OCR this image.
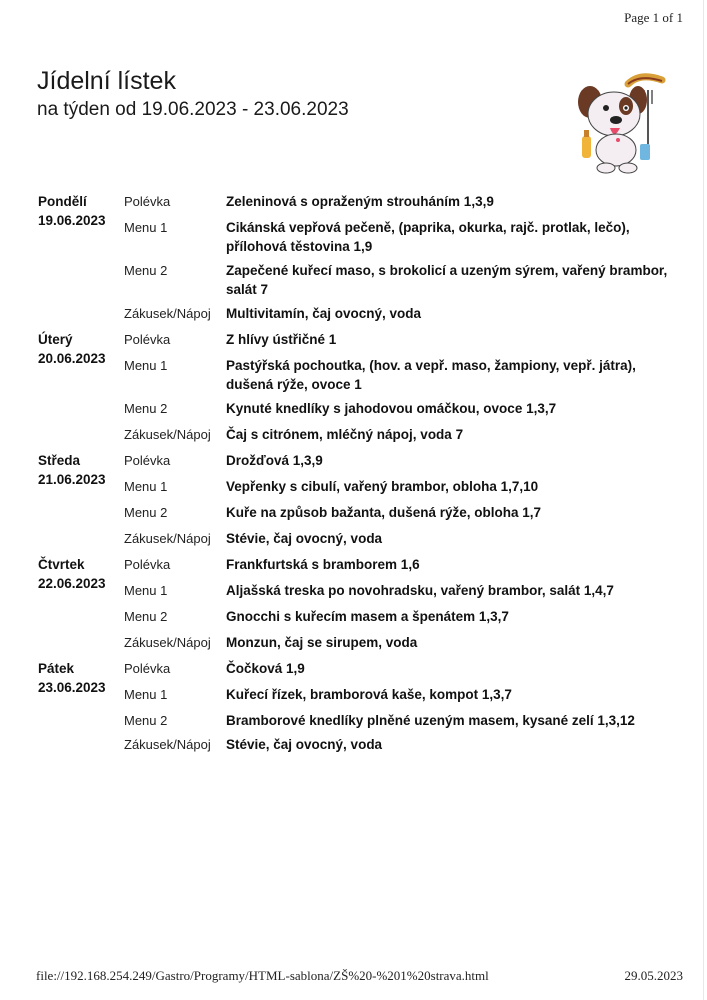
Page 1 of 1
Jídelní lístek
na týden od 19.06.2023 - 23.06.2023
Pondělí
19.06.2023
Polévka	Zeleninová s opraženým strouháním 1,3,9
Menu 1	Cikánská vepřová pečeně, (paprika, okurka, rajč. protlak, lečo), přílohová těstovina 1,9
Menu 2	Zapečené kuřecí maso, s brokolicí a uzeným sýrem, vařený brambor, salát 7
Zákusek/Nápoj	Multivitamín, čaj ovocný, voda
Úterý
20.06.2023
Polévka	Z hlívy ústřičné 1
Menu 1	Pastýřská pochoutka, (hov. a vepř. maso, žampiony, vepř. játra), dušená rýže, ovoce 1
Menu 2	Kynuté knedlíky s jahodovou omáčkou, ovoce 1,3,7
Zákusek/Nápoj	Čaj s citrónem, mléčný nápoj, voda 7
Středa
21.06.2023
Polévka	Drožďová 1,3,9
Menu 1	Vepřenky s cibulí, vařený brambor, obloha 1,7,10
Menu 2	Kuře na způsob bažanta, dušená rýže, obloha 1,7
Zákusek/Nápoj	Stévie, čaj ovocný, voda
Čtvrtek
22.06.2023
Polévka	Frankfurtská s bramborem 1,6
Menu 1	Aljašská treska po novohradsku, vařený brambor, salát 1,4,7
Menu 2	Gnocchi s kuřecím masem a špenátem 1,3,7
Zákusek/Nápoj	Monzun, čaj se sirupem, voda
Pátek
23.06.2023
Polévka	Čočková 1,9
Menu 1	Kuřecí řízek, bramborová kaše, kompot 1,3,7
Menu 2	Bramborové knedlíky plněné uzeným masem, kysané zelí 1,3,12
Zákusek/Nápoj	Stévie, čaj ovocný, voda
file://192.168.254.249/Gastro/Programy/HTML-sablona/ZŠ%20-%201%20strava.html	29.05.2023
